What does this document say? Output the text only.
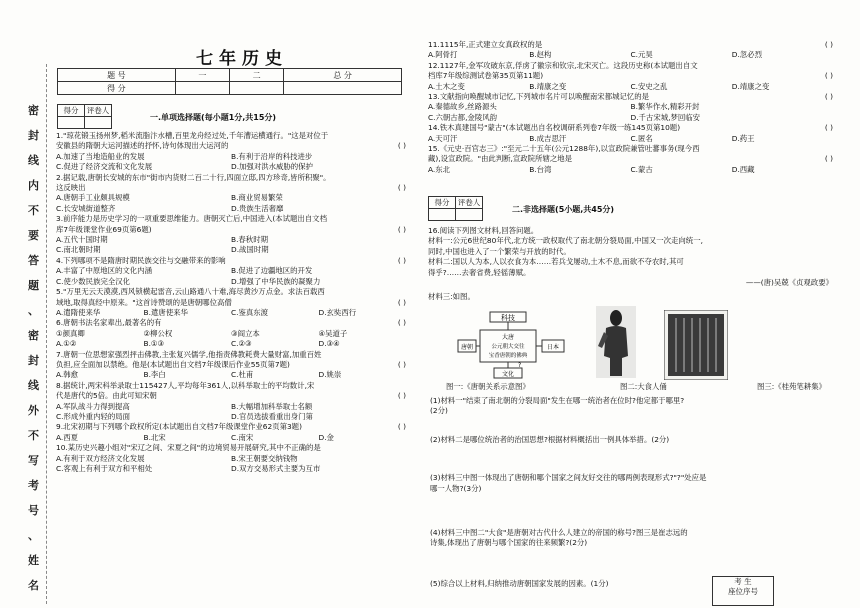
密
封
线
内
不
要
答
题
、
密
封
线
外
不
写
考
号
、
姓
名
七年历史
题 号	一	二	总 分
得 分			
得分	评卷人

一.单项选择题(每小题1分,共15分)

1."琼花锻玉扬州梦,稻米流脂汴水槽,百里龙舟经过处,千年漕运横通行。"这是对位于

安徽县的隋朝大运河描述的抒怀,诗句体现出大运河的	( )

A.加速了当地造船业的发展	B.有利于沿岸的科技进步

C.促进了经济交流和文化发展	D.加强对洪水威胁的保护

2.据记载,唐朝长安城的东市"街市内货财二百二十行,四面立邸,四方珍奇,皆所积聚"。

这反映出	( )

A.唐朝手工业颇具规模	B.商业贸易繁荣

C.长安城街道整齐	D.贵族生活奢靡

3.前序能力是历史学习的一项重要思维能力。唐朝灭亡后,中国进入(本试题出自文档

库7年级课堂作业69页第6题)	( )

A.五代十国时期	B.春秋时期

C.南北朝时期	D.战国时期

4.下列哪项不是隋唐时期民族交往与交融带来的影响	( )

A.丰富了中原地区的文化内涵	B.促进了边疆地区的开发

C.使少数民族完全汉化	D.增强了中华民族的凝聚力

5."万里无云天漠漠,西风锁横起雷音,云山路通八十难,海尽黄沙万点金。求法百载西

域地,取得真经中原来。"这首诗赞颂的是唐朝哪位高僧	( )

A.遣隋使来华	B.遣唐使来华	C.鉴真东渡	D.玄奘西行

6.唐朝书法名家辈出,最著名的有	( )

①颜真卿	②柳公权	③阎立本	④吴道子

A.①②	B.①③	C.②③	D.③④

7.唐朝一位思想家强烈抨击佛教,主张复兴儒学,他指责佛教耗费大量财富,加重百姓

负担,应全面加以禁绝。他是(本试题出自文档7年级课后作业55页第7题)	( )

A.韩愈	B.李白	C.杜甫	D.姚崇

8.据统计,两宋科举录取士115427人,平均每年361人,以科举取士的平均数计,宋

代是唐代的5倍。由此可知宋朝	( )

A.军队战斗力得到提高	B.大幅增加科举取士名额

C.形成外重内轻的局面	D.官员选拔看重出身门第

9.北宋初期与下列哪个政权所定(本试题出自文档7年级课堂作业62页第3题)	( )

A.西夏	B.北宋	C.南宋	D.金

10.某历史兴趣小组对"宋辽之间、宋夏之间"的边境贸易开展研究,其中不正确的是

A.有利于双方经济文化发展	B.宋王朝要交纳钱物

C.客观上有利于双方和平相处	D.双方交易形式主要为互市

11.1115年,正式建立女真政权的是	( )

A.阿骨打	B.赵构	C.元昊	D.忽必烈

12.1127年,金军攻破东京,俘虏了徽宗和钦宗,北宋灭亡。这段历史称(本试题出自文

档库7年级综测试卷第35页第11题)	( )

A.土木之变	B.靖康之变	C.安史之乱	D.靖康之变

13.文献指向唤醒城市记忆,下列城市名片可以唤醒南宋都城记忆的是	( )

A.秦德故乡,丝路源头	B.繁华作水,精彩开封

C.六朝古都,金陵风韵	D.千古宋城,梦回临安

14.铁木真建国号"蒙古"(本试题出自名校调研系列卷7年级一练145页第10题)	( )

A.天可汗	B.成吉思汗	C.匿名	D.药王

15.《元史·百官志三》:"至元二十五年(公元1288年),以宣政院兼管吐蕃事务(现今西

藏),设宣政院。"由此判断,宣政院所辖之地是	( )

A.东北	B.台湾	C.蒙古	D.西藏

得分	评卷人

二.非选择题(5小题,共45分)

16.阅读下列图文材料,回答问题。

材料一:公元6世纪80年代,北方统一政权取代了南北朝分裂局面,中国又一次走向统一,

同时,中国也进入了一个繁荣与开放的时代。

材料二:国以人为本,人以衣食为本……若兵戈屡动,土木不息,而欲不夺农时,其可

得乎?……去奢省费,轻徭薄赋。

——(唐)吴兢《贞观政要》

材料三:如图。

科技
大唐
公元朝大交往
宝香唐朝的佛典
唐朝	日本
文化
?

图一:《唐朝关系示意图》	图二:大食人俑	图三:《桂苑笔耕集》

(1)材料一"结束了南北朝的分裂局面"发生在哪一统治者在位时?他定都于哪里?

(2分)

(2)材料二是哪位统治者的治国思想?根据材料概括出一例具体举措。(2分)

(3)材料三中图一体现出了唐朝和哪个国家之间友好交往的哪两例表现形式?"?"处应是

哪一人物?(3分)

(4)材料三中图二"大食"是唐朝对古代什么人建立的帝国的称号?图三是崔志远的

诗集,体现出了唐朝与哪个国家的往来频繁?(2分)

(5)综合以上材料,归纳推动唐朝国家发展的因素。(1分)	考 生
座位序号
